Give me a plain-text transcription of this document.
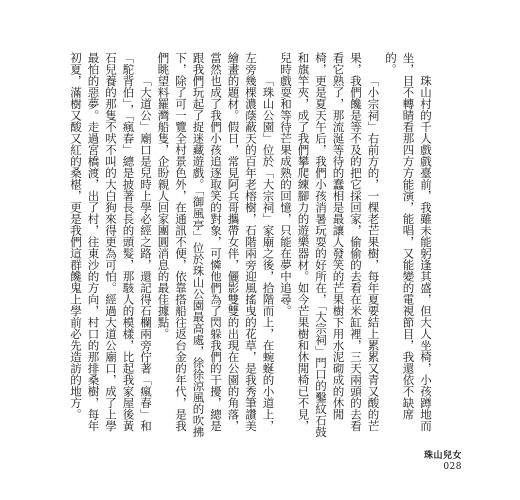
珠山村的千人戲戲臺前，我雖未能躬逢其盛，但大人坐椅，小孩蹲地而坐，目不轉睛看那四方方能演，能唱，又能變的電視節目，我還依不缺席的。

「小宗祠」右前方的，一棵老芒果樹，每年夏要結上累累又青又酸的芒果，我們饞是等不及的把它採回家，偷偷的去看在米缸裡，三天兩頭的去看看它熟了，那流涎等待的蠢相是最讓人發笑的芒果樹下用水泥砌成的休閒椅，更是夏天午后，我們小孩消暑玩耍的好所在，「大宗祠」門口的鑿紋石鼓和旗竿夾，成了我們攀爬練腳力的遊樂器材。如今芒果樹和休閒椅已不見，兒時戲耍和等待芒果成熟的回憶，只能在夢中追尋。

「珠山公園」位於「大宗祠」家廟之後，拾階而上，在蜿蜒的小道上，左旁幾棵濃蔭蔽天的百年老榕樹，石階兩旁迎風搖曳的花草，是我秀筆讚美繪畫的題材。假日，常見阿兵哥攜帶女伴，儷影雙雙的出現在公園的角落，當然也成了我們小孩追逐取笑的對象，可憐他們為了閃躲我們的干擾，總是跟我們玩起了捉迷藏遊戲。「御風亭」位於珠山公園最高處，徐徐涼風的吹拂下，除了可一覽全村景色外，在通訊不便，依靠搭船往返台金的年代，是我們眺望料羅灣船隻，企盼親人回家團圓消息的最佳據點。

「大道公」廟口是兒時上學必經之路，還記得石欄兩旁佇著「瘋春」和「駝背伯」，「瘋春」總是披著長長的頭髮，那駭人的模樣，比起我家屋後黃石兒養的那隻不吠不叫的大白狗來得更為可怕。經過大道公廟口，成了上學最怕的惡夢。走過宮橋渡，出了村，往東沙的方向，村口的那排桑樹，每年初夏，滿樹又酸又紅的桑椹，更是我們這群饞鬼上學前必先造訪的地方。

珠山兒女
028
